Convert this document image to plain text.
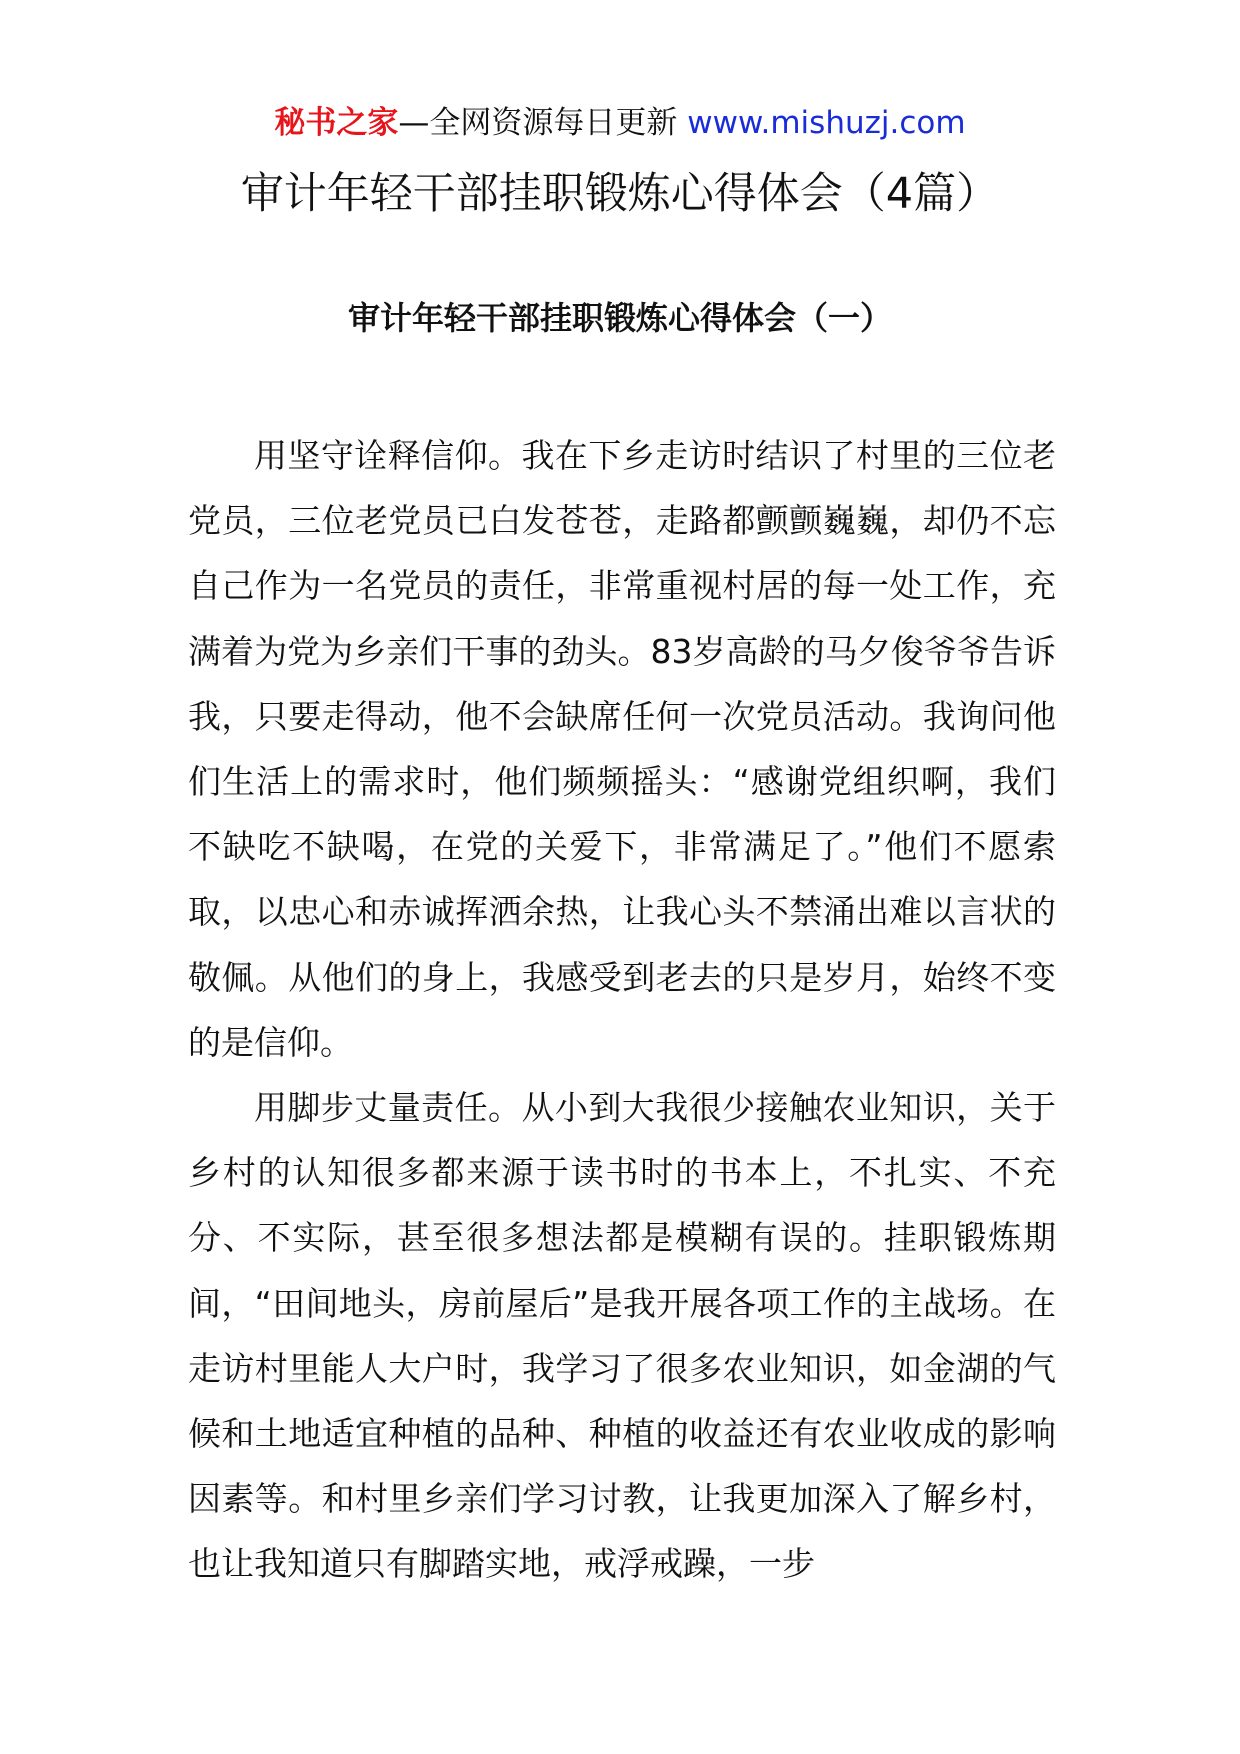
秘书之家—全网资源每日更新 www.mishuzj.com
审计年轻干部挂职锻炼心得体会（4篇）
审计年轻干部挂职锻炼心得体会（一）

用坚守诠释信仰。我在下乡走访时结识了村里的三位老党员，三位老党员已白发苍苍，走路都颤颤巍巍，却仍不忘自己作为一名党员的责任，非常重视村居的每一处工作，充满着为党为乡亲们干事的劲头。83岁高龄的马夕俊爷爷告诉我，只要走得动，他不会缺席任何一次党员活动。我询问他们生活上的需求时，他们频频摇头：“感谢党组织啊，我们不缺吃不缺喝，在党的关爱下，非常满足了。”他们不愿索取，以忠心和赤诚挥洒余热，让我心头不禁涌出难以言状的敬佩。从他们的身上，我感受到老去的只是岁月，始终不变的是信仰。

用脚步丈量责任。从小到大我很少接触农业知识，关于乡村的认知很多都来源于读书时的书本上，不扎实、不充分、不实际，甚至很多想法都是模糊有误的。挂职锻炼期间，“田间地头，房前屋后”是我开展各项工作的主战场。在走访村里能人大户时，我学习了很多农业知识，如金湖的气候和土地适宜种植的品种、种植的收益还有农业收成的影响因素等。和村里乡亲们学习讨教，让我更加深入了解乡村，也让我知道只有脚踏实地，戒浮戒躁，一步
